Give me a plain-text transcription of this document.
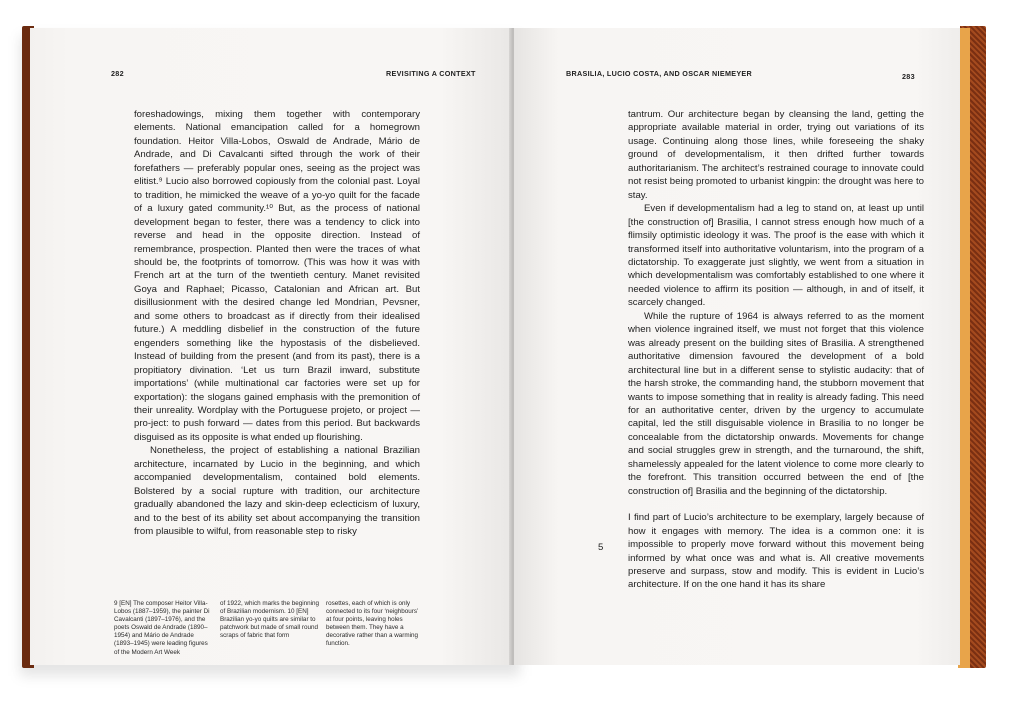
282	REVISITING A CONTEXT

foreshadowings, mixing them together with contemporary elements. National emancipation called for a homegrown foundation. Heitor Villa-Lobos, Oswald de Andrade, Mário de Andrade, and Di Cavalcanti sifted through the work of their forefathers — preferably popular ones, seeing as the project was elitist.⁹ Lucio also borrowed copiously from the colonial past. Loyal to tradition, he mimicked the weave of a yo-yo quilt for the facade of a luxury gated community.¹⁰ But, as the process of national development began to fester, there was a tendency to click into reverse and head in the opposite direction. Instead of remembrance, prospection. Planted then were the traces of what should be, the footprints of tomorrow. (This was how it was with French art at the turn of the twentieth century. Manet revisited Goya and Raphael; Picasso, Catalonian and African art. But disillusionment with the desired change led Mondrian, Pevsner, and some others to broadcast as if directly from their idealised future.) A meddling disbelief in the construction of the future engenders something like the hypostasis of the disbelieved. Instead of building from the present (and from its past), there is a propitiatory divination. ‘Let us turn Brazil inward, substitute importations’ (while multinational car factories were set up for exportation): the slogans gained emphasis with the premonition of their unreality. Wordplay with the Portuguese projeto, or project — pro-ject: to push forward — dates from this period. But backwards disguised as its opposite is what ended up flourishing.

Nonetheless, the project of establishing a national Brazilian architecture, incarnated by Lucio in the beginning, and which accompanied developmentalism, contained bold elements. Bolstered by a social rupture with tradition, our architecture gradually abandoned the lazy and skin-deep eclecticism of luxury, and to the best of its ability set about accompanying the transition from plausible to wilful, from reasonable step to risky

9 [EN] The composer Heitor Villa-Lobos (1887–1959), the painter Di Cavalcanti (1897–1976), and the poets Oswald de Andrade (1890–1954) and Mário de Andrade (1893–1945) were leading figures of the Modern Art Week
of 1922, which marks the beginning of Brazilian modernism. 10 [EN] Brazilian yo-yo quilts are similar to patchwork but made of small round scraps of fabric that form
rosettes, each of which is only connected to its four ‘neighbours’ at four points, leaving holes between them. They have a decorative rather than a warming function.
BRASILIA, LUCIO COSTA, AND OSCAR NIEMEYER	283

tantrum. Our architecture began by cleansing the land, getting the appropriate available material in order, trying out variations of its usage. Continuing along those lines, while foreseeing the shaky ground of developmentalism, it then drifted further towards authoritarianism. The architect’s restrained courage to innovate could not resist being promoted to urbanist kingpin: the drought was here to stay.

Even if developmentalism had a leg to stand on, at least up until [the construction of] Brasilia, I cannot stress enough how much of a flimsily optimistic ideology it was. The proof is the ease with which it transformed itself into authoritative voluntarism, into the program of a dictatorship. To exaggerate just slightly, we went from a situation in which developmentalism was comfortably established to one where it needed violence to affirm its position — although, in and of itself, it scarcely changed.

While the rupture of 1964 is always referred to as the moment when violence ingrained itself, we must not forget that this violence was already present on the building sites of Brasilia. A strengthened authoritative dimension favoured the development of a bold architectural line but in a different sense to stylistic audacity: that of the harsh stroke, the commanding hand, the stubborn movement that wants to impose something that in reality is already fading. This need for an authoritative center, driven by the urgency to accumulate capital, led the still disguisable violence in Brasilia to no longer be concealable from the dictatorship onwards. Movements for change and social struggles grew in strength, and the turnaround, the shift, shamelessly appealed for the latent violence to come more clearly to the forefront. This transition occurred between the end of [the construction of] Brasilia and the beginning of the dictatorship.

I find part of Lucio’s architecture to be exemplary, largely because of how it engages with memory. The idea is a common one: it is impossible to properly move forward without this movement being informed by what once was and what is. All creative movements preserve and surpass, stow and modify. This is evident in Lucio’s architecture. If on the one hand it has its share

5
